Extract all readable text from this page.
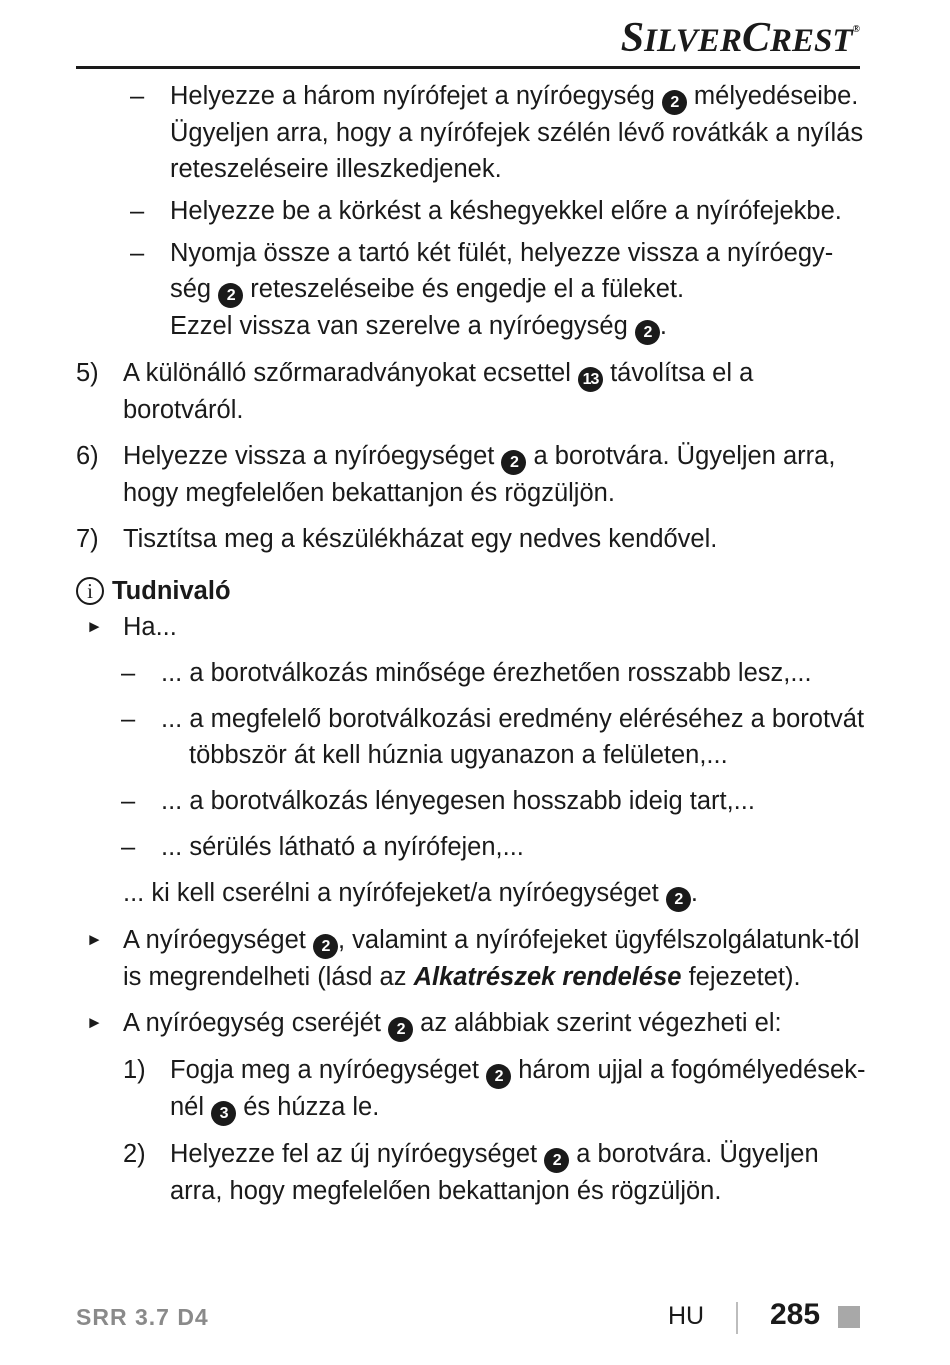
SILVERCREST®
– Helyezze a három nyírófejet a nyíróegység 2 mélyedéseibe. Ügyeljen arra, hogy a nyírófejek szélén lévő rovátkák a nyílás reteszeléseire illeszkedjenek.
– Helyezze be a körkést a késhegyekkel előre a nyírófejekbe.
– Nyomja össze a tartó két fülét, helyezze vissza a nyíróegy-ség 2 reteszeléseibe és engedje el a füleket.
Ezzel vissza van szerelve a nyíróegység 2 .
5) A különálló szőrmaradványokat ecsettel 13 távolítsa el a borotváról.
6) Helyezze vissza a nyíróegységet 2 a borotvára. Ügyeljen arra, hogy megfelelően bekattanjon és rögzüljön.
7) Tisztítsa meg a készülékházat egy nedves kendővel.
i Tudnivaló
► Ha...
– ... a borotválkozás minősége érezhetően rosszabb lesz,...
– ... a megfelelő borotválkozási eredmény eléréséhez a borotvát
többször át kell húznia ugyanazon a felületen,...
– ... a borotválkozás lényegesen hosszabb ideig tart,...
– ... sérülés látható a nyírófejen,...
... ki kell cserélni a nyírófejeket/a nyíróegységet 2 .
► A nyíróegységet 2 , valamint a nyírófejeket ügyfélszolgálatunk-tól is megrendelheti (lásd az Alkatrészek rendelése fejezetet).
► A nyíróegység cseréjét 2 az alábbiak szerint végezheti el:
1) Fogja meg a nyíróegységet 2 három ujjal a fogómélyedések-nél 3 és húzza le.
2) Helyezze fel az új nyíróegységet 2 a borotvára. Ügyeljen arra, hogy megfelelően bekattanjon és rögzüljön.
SRR 3.7 D4	HU 285
